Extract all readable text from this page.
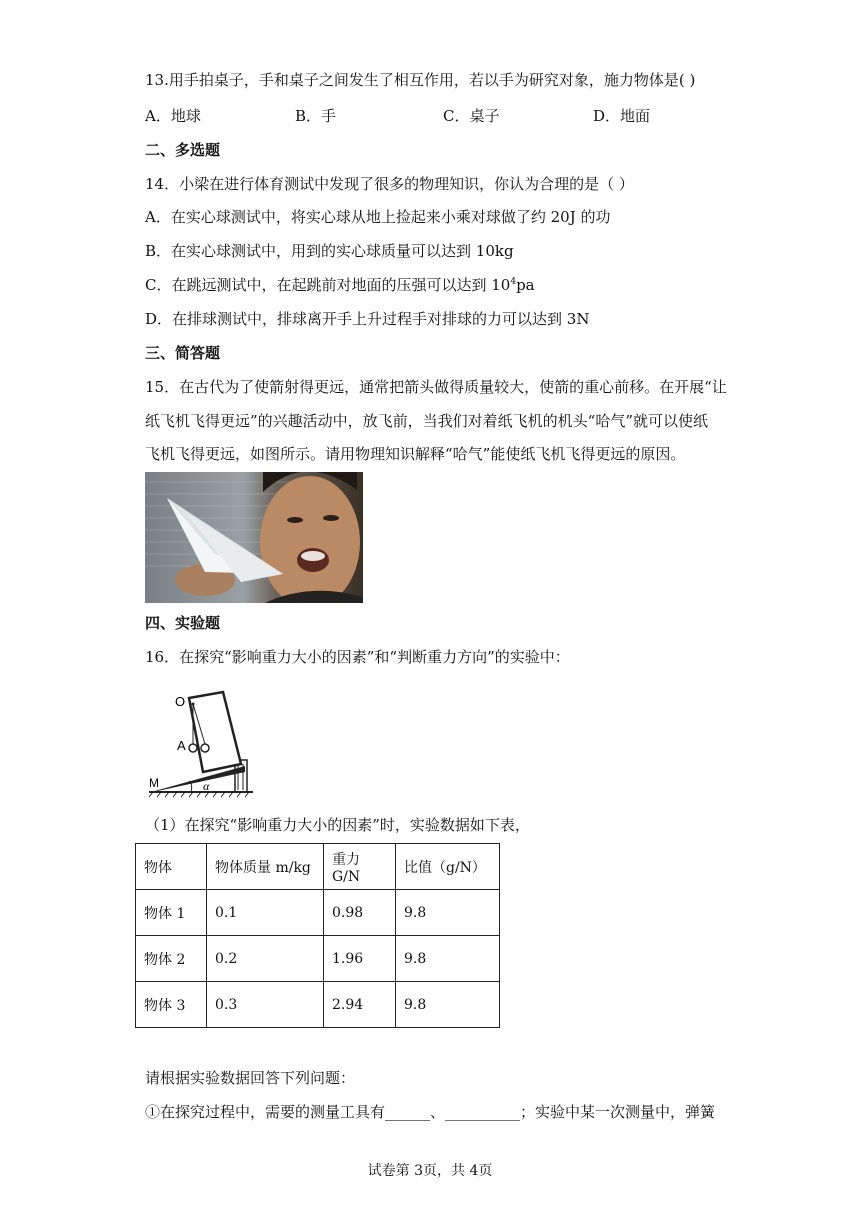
13.用手拍桌子，手和桌子之间发生了相互作用，若以手为研究对象，施力物体是( )
A．地球	B．手	C．桌子	D．地面
二、多选题
14．小梁在进行体育测试中发现了很多的物理知识，你认为合理的是（ ）
A．在实心球测试中，将实心球从地上捡起来小乘对球做了约 20J 的功
B．在实心球测试中，用到的实心球质量可以达到 10kg
C．在跳远测试中，在起跳前对地面的压强可以达到 $10^4pa$
D．在排球测试中，排球离开手上升过程手对排球的力可以达到 3N
三、简答题
15．在古代为了使箭射得更远，通常把箭头做得质量较大，使箭的重心前移。在开展“让
纸飞机飞得更远”的兴趣活动中，放飞前，当我们对着纸飞机的机头“哈气”就可以使纸
飞机飞得更远，如图所示。请用物理知识解释“哈气”能使纸飞机飞得更远的原因。
四、实验题
16．在探究“影响重力大小的因素”和“判断重力方向”的实验中：
O
A
M	α
（1）在探究“影响重力大小的因素”时，实验数据如下表，
物体	物体质量 m/kg	重力 G/N	比值（g/N）
物体 1	0.1	0.98	9.8
物体 2	0.2	1.96	9.8
物体 3	0.3	2.94	9.8
请根据实验数据回答下列问题：
①在探究过程中，需要的测量工具有______、__________；实验中某一次测量中，弹簧
试卷第 3页，共 4页
